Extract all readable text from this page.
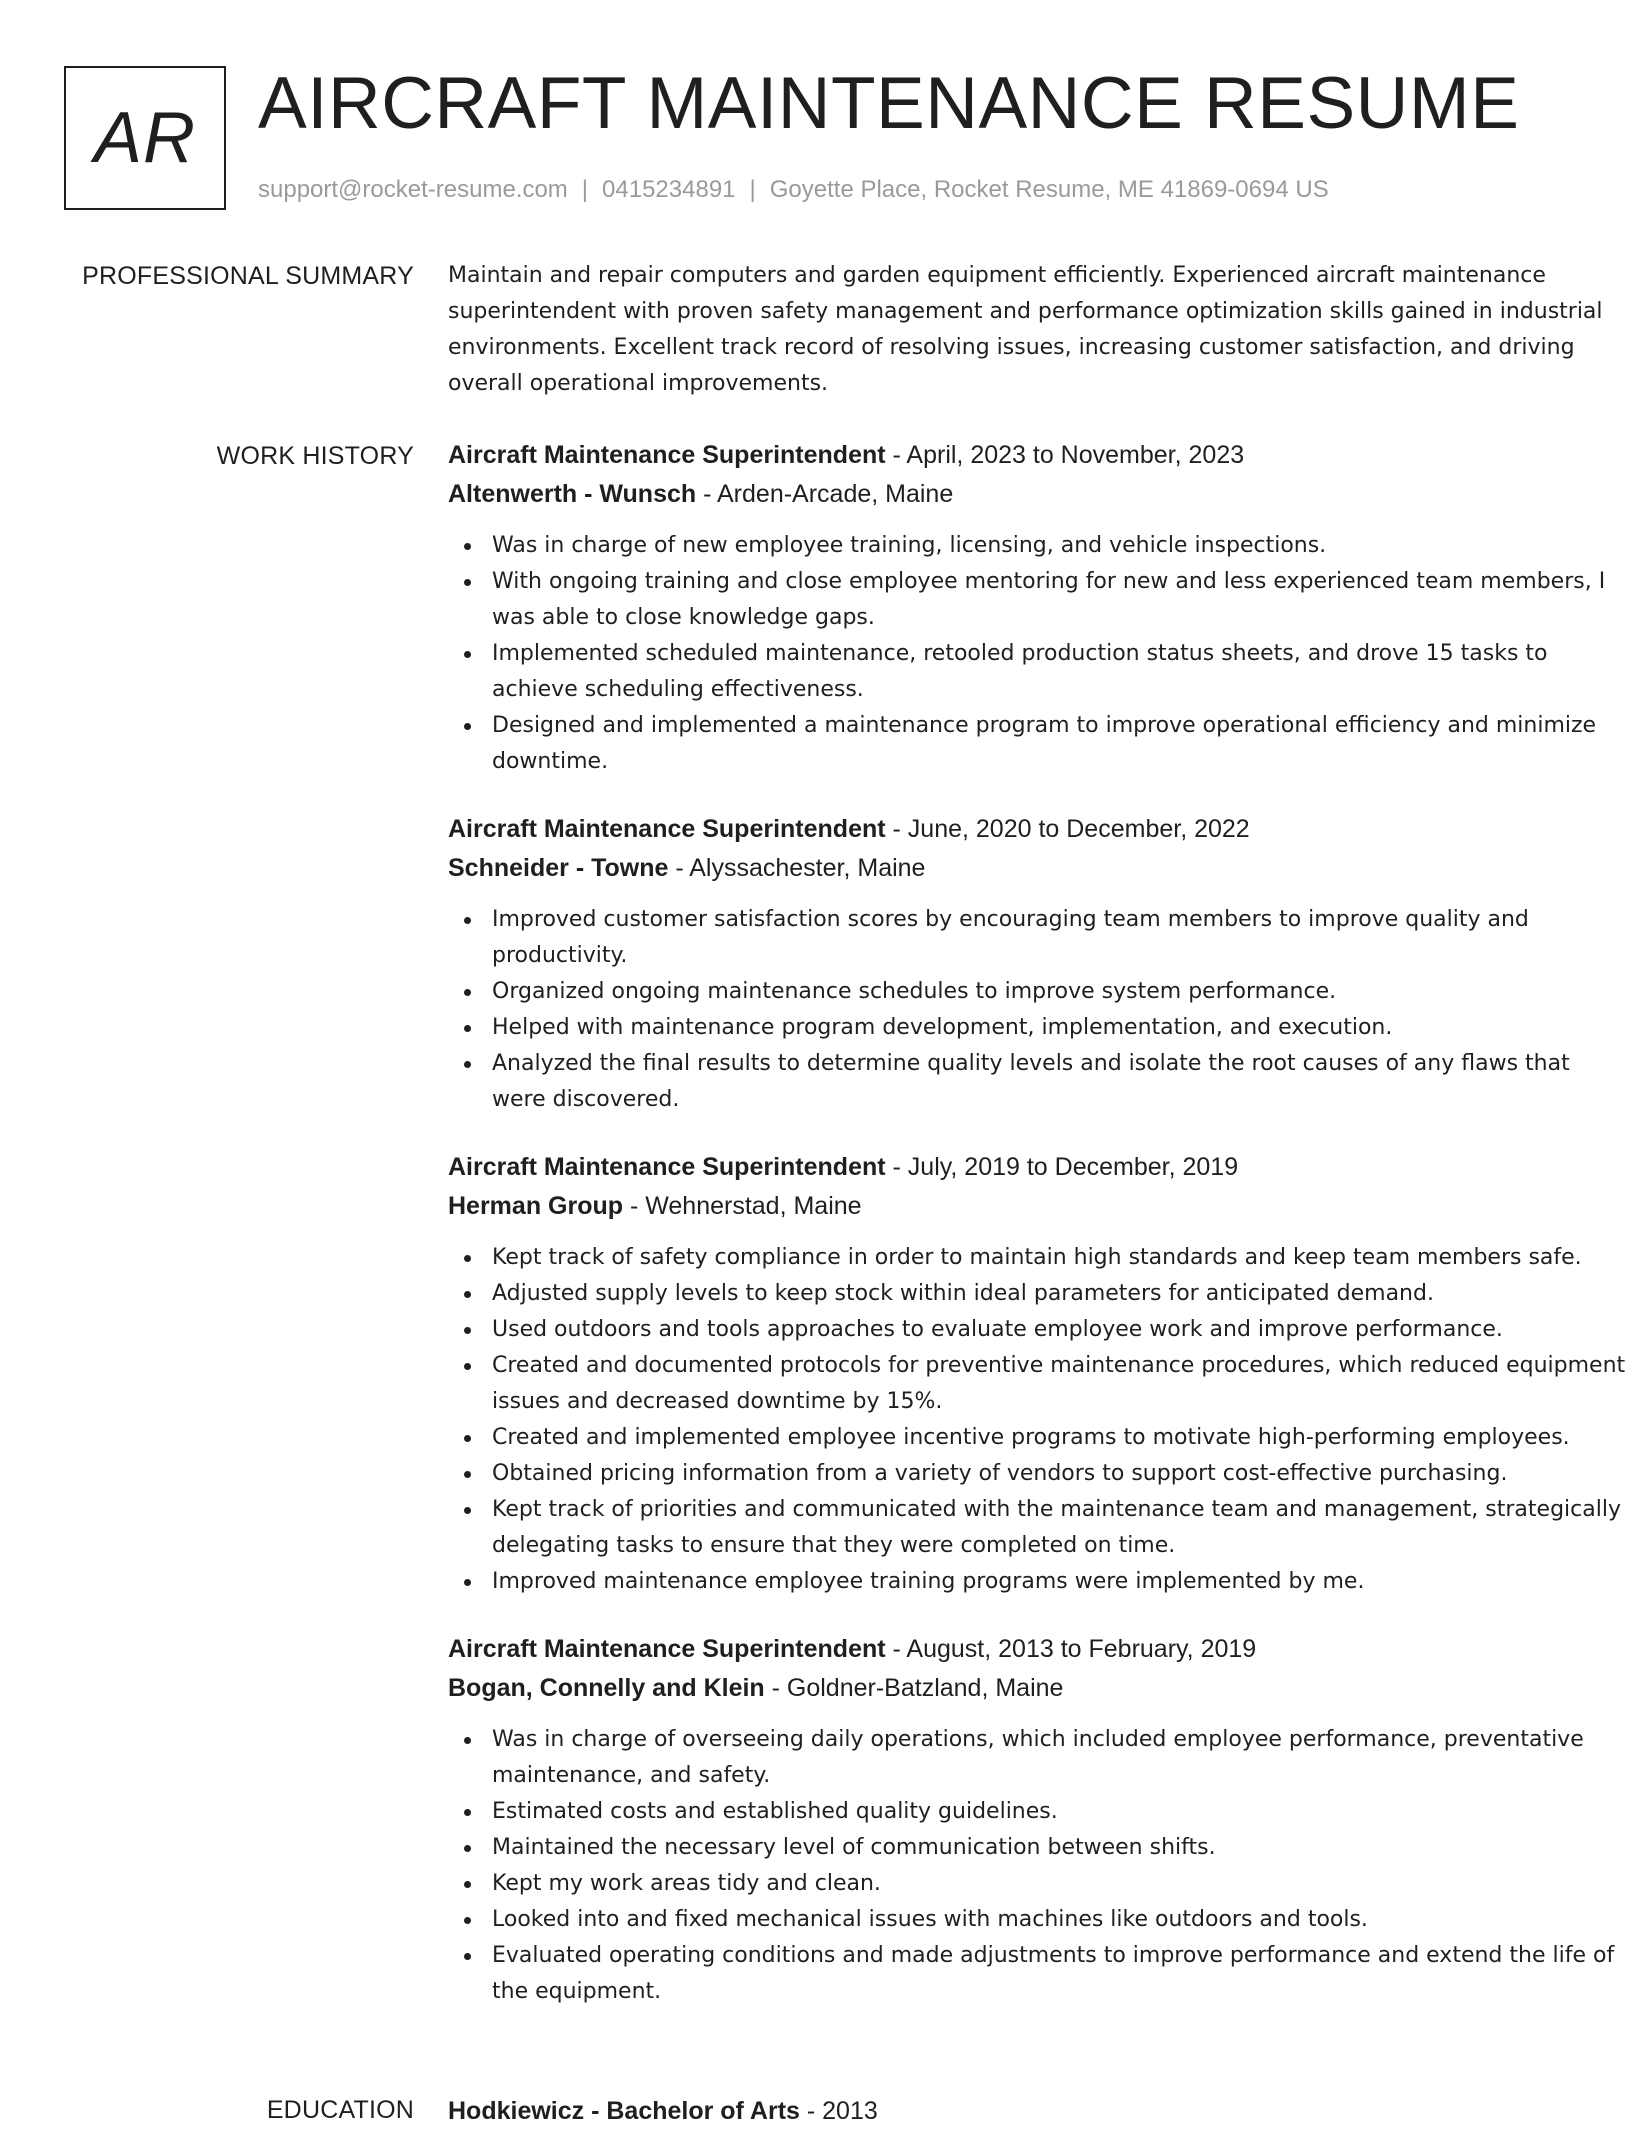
AR AIRCRAFT MAINTENANCE RESUME
support@rocket-resume.com | 0415234891 | Goyette Place, Rocket Resume, ME 41869-0694 US
PROFESSIONAL SUMMARY Maintain and repair computers and garden equipment efficiently. Experienced aircraft maintenance superintendent with proven safety management and performance optimization skills gained in industrial environments. Excellent track record of resolving issues, increasing customer satisfaction, and driving overall operational improvements.

WORK HISTORY Aircraft Maintenance Superintendent - April, 2023 to November, 2023
Altenwerth - Wunsch - Arden-Arcade, Maine
Was in charge of new employee training, licensing, and vehicle inspections.
With ongoing training and close employee mentoring for new and less experienced team members, I was able to close knowledge gaps.
Implemented scheduled maintenance, retooled production status sheets, and drove 15 tasks to achieve scheduling effectiveness.
Designed and implemented a maintenance program to improve operational efficiency and minimize downtime.
Aircraft Maintenance Superintendent - June, 2020 to December, 2022
Schneider - Towne - Alyssachester, Maine
Improved customer satisfaction scores by encouraging team members to improve quality and productivity.
Organized ongoing maintenance schedules to improve system performance.
Helped with maintenance program development, implementation, and execution.
Analyzed the final results to determine quality levels and isolate the root causes of any flaws that were discovered.
Aircraft Maintenance Superintendent - July, 2019 to December, 2019
Herman Group - Wehnerstad, Maine
Kept track of safety compliance in order to maintain high standards and keep team members safe.
Adjusted supply levels to keep stock within ideal parameters for anticipated demand.
Used outdoors and tools approaches to evaluate employee work and improve performance.
Created and documented protocols for preventive maintenance procedures, which reduced equipment issues and decreased downtime by 15%.
Created and implemented employee incentive programs to motivate high-performing employees.
Obtained pricing information from a variety of vendors to support cost-effective purchasing.
Kept track of priorities and communicated with the maintenance team and management, strategically delegating tasks to ensure that they were completed on time.
Improved maintenance employee training programs were implemented by me.
Aircraft Maintenance Superintendent - August, 2013 to February, 2019
Bogan, Connelly and Klein - Goldner-Batzland, Maine
Was in charge of overseeing daily operations, which included employee performance, preventative maintenance, and safety.
Estimated costs and established quality guidelines.
Maintained the necessary level of communication between shifts.
Kept my work areas tidy and clean.
Looked into and fixed mechanical issues with machines like outdoors and tools.
Evaluated operating conditions and made adjustments to improve performance and extend the life of the equipment.
EDUCATION Hodkiewicz - Bachelor of Arts - 2013
